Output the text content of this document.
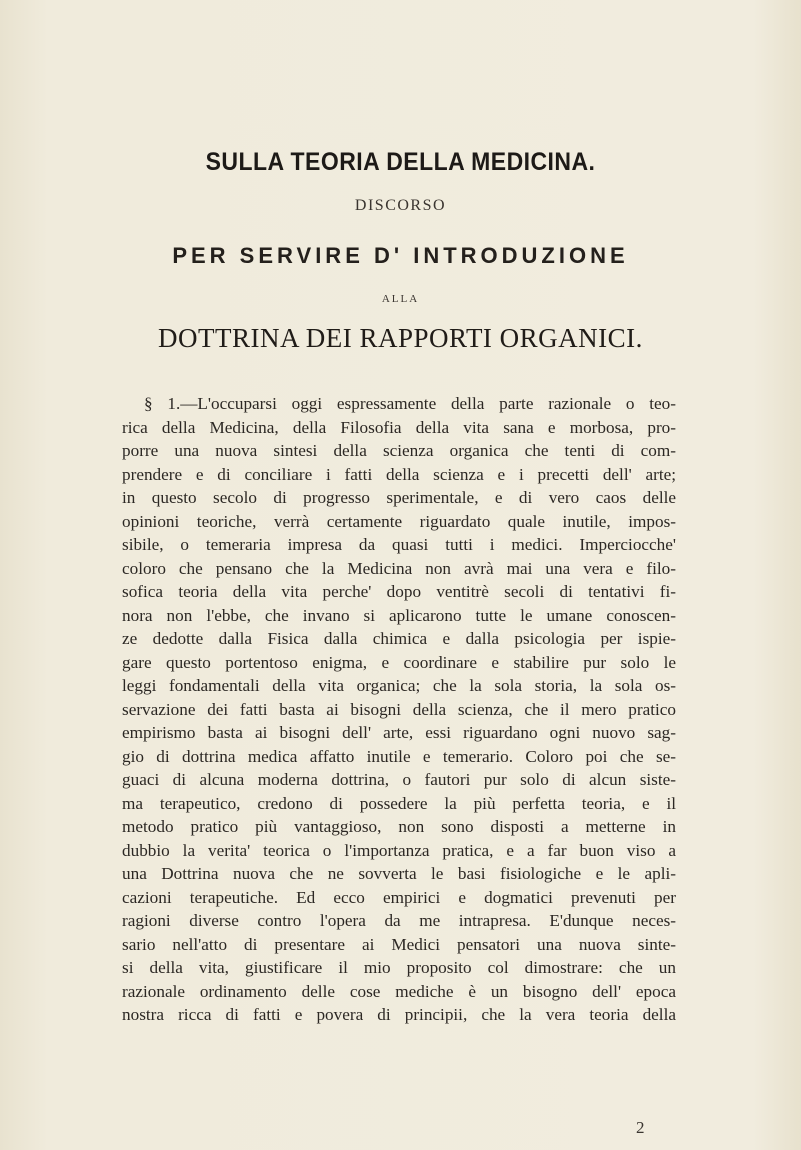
SULLA TEORIA DELLA MEDICINA.
DISCORSO
PER SERVIRE D' INTRODUZIONE
ALLA
DOTTRINA DEI RAPPORTI ORGANICI.
§ 1.—L'occuparsi oggi espressamente della parte razionale o teo-
rica della Medicina, della Filosofia della vita sana e morbosa, pro-
porre una nuova sintesi della scienza organica che tenti di com-
prendere e di conciliare i fatti della scienza e i precetti dell' arte;
in questo secolo di progresso sperimentale, e di vero caos delle
opinioni teoriche, verrà certamente riguardato quale inutile, impos-
sibile, o temeraria impresa da quasi tutti i medici. Imperciocche'
coloro che pensano che la Medicina non avrà mai una vera e filo-
sofica teoria della vita perche' dopo ventitrè secoli di tentativi fi-
nora non l'ebbe, che invano si aplicarono tutte le umane conoscen-
ze dedotte dalla Fisica dalla chimica e dalla psicologia per ispie-
gare questo portentoso enigma, e coordinare e stabilire pur solo le
leggi fondamentali della vita organica; che la sola storia, la sola os-
servazione dei fatti basta ai bisogni della scienza, che il mero pratico
empirismo basta ai bisogni dell' arte, essi riguardano ogni nuovo sag-
gio di dottrina medica affatto inutile e temerario. Coloro poi che se-
guaci di alcuna moderna dottrina, o fautori pur solo di alcun siste-
ma terapeutico, credono di possedere la più perfetta teoria, e il
metodo pratico più vantaggioso, non sono disposti a metterne in
dubbio la verita' teorica o l'importanza pratica, e a far buon viso a
una Dottrina nuova che ne sovverta le basi fisiologiche e le apli-
cazioni terapeutiche. Ed ecco empirici e dogmatici prevenuti per
ragioni diverse contro l'opera da me intrapresa. E'dunque neces-
sario nell'atto di presentare ai Medici pensatori una nuova sinte-
si della vita, giustificare il mio proposito col dimostrare: che un
razionale ordinamento delle cose mediche è un bisogno dell' epoca
nostra ricca di fatti e povera di principii, che la vera teoria della
2
